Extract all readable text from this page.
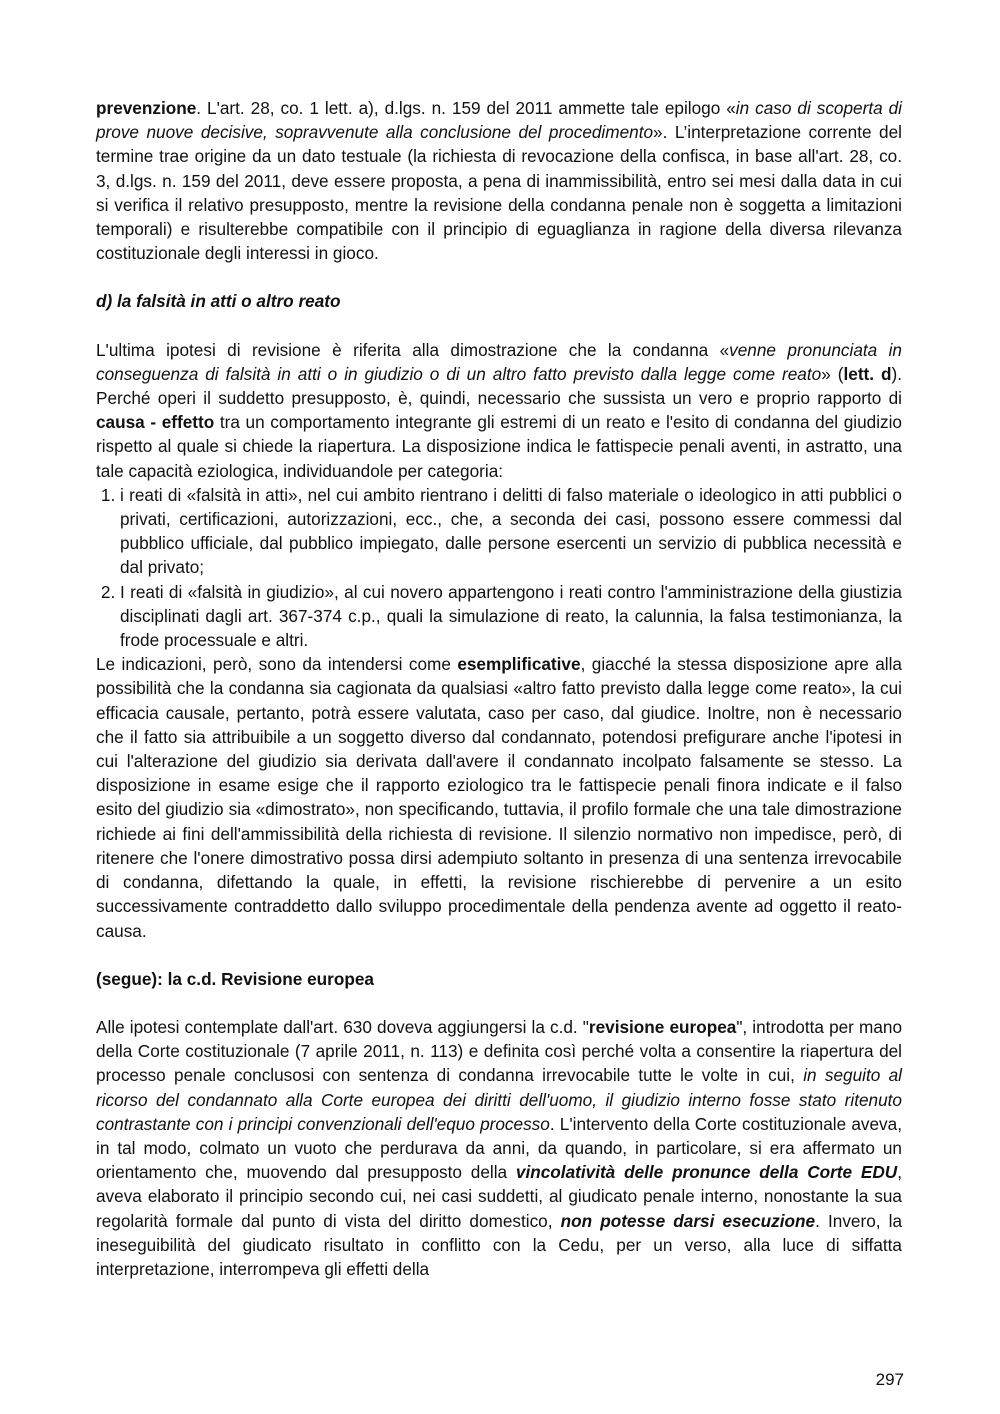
prevenzione. L'art. 28, co. 1 lett. a), d.lgs. n. 159 del 2011 ammette tale epilogo «in caso di scoperta di prove nuove decisive, sopravvenute alla conclusione del procedimento». L’interpretazione corrente del termine trae origine da un dato testuale (la richiesta di revocazione della confisca, in base all'art. 28, co. 3, d.lgs. n. 159 del 2011, deve essere proposta, a pena di inammissibilità, entro sei mesi dalla data in cui si verifica il relativo presupposto, mentre la revisione della condanna penale non è soggetta a limitazioni temporali) e risulterebbe compatibile con il principio di eguaglianza in ragione della diversa rilevanza costituzionale degli interessi in gioco.

d) la falsità in atti o altro reato

L'ultima ipotesi di revisione è riferita alla dimostrazione che la condanna «venne pronunciata in conseguenza di falsità in atti o in giudizio o di un altro fatto previsto dalla legge come reato» (lett. d). Perché operi il suddetto presupposto, è, quindi, necessario che sussista un vero e proprio rapporto di causa - effetto tra un comportamento integrante gli estremi di un reato e l'esito di condanna del giudizio rispetto al quale si chiede la riapertura. La disposizione indica le fattispecie penali aventi, in astratto, una tale capacità eziologica, individuandole per categoria:

1. i reati di «falsità in atti», nel cui ambito rientrano i delitti di falso materiale o ideologico in atti pubblici o privati, certificazioni, autorizzazioni, ecc., che, a seconda dei casi, possono essere commessi dal pubblico ufficiale, dal pubblico impiegato, dalle persone esercenti un servizio di pubblica necessità e dal privato;
2. I reati di «falsità in giudizio», al cui novero appartengono i reati contro l'amministrazione della giustizia disciplinati dagli art. 367-374 c.p., quali la simulazione di reato, la calunnia, la falsa testimonianza, la frode processuale e altri.

Le indicazioni, però, sono da intendersi come esemplificative, giacché la stessa disposizione apre alla possibilità che la condanna sia cagionata da qualsiasi «altro fatto previsto dalla legge come reato», la cui efficacia causale, pertanto, potrà essere valutata, caso per caso, dal giudice. Inoltre, non è necessario che il fatto sia attribuibile a un soggetto diverso dal condannato, potendosi prefigurare anche l'ipotesi in cui l'alterazione del giudizio sia derivata dall'avere il condannato incolpato falsamente se stesso. La disposizione in esame esige che il rapporto eziologico tra le fattispecie penali finora indicate e il falso esito del giudizio sia «dimostrato», non specificando, tuttavia, il profilo formale che una tale dimostrazione richiede ai fini dell'ammissibilità della richiesta di revisione. Il silenzio normativo non impedisce, però, di ritenere che l'onere dimostrativo possa dirsi adempiuto soltanto in presenza di una sentenza irrevocabile di condanna, difettando la quale, in effetti, la revisione rischierebbe di pervenire a un esito successivamente contraddetto dallo sviluppo procedimentale della pendenza avente ad oggetto il reato-causa.

(segue): la c.d. Revisione europea

Alle ipotesi contemplate dall'art. 630 doveva aggiungersi la c.d. "revisione europea", introdotta per mano della Corte costituzionale (7 aprile 2011, n. 113) e definita così perché volta a consentire la riapertura del processo penale conclusosi con sentenza di condanna irrevocabile tutte le volte in cui, in seguito al ricorso del condannato alla Corte europea dei diritti dell'uomo, il giudizio interno fosse stato ritenuto contrastante con i principi convenzionali dell'equo processo. L'intervento della Corte costituzionale aveva, in tal modo, colmato un vuoto che perdurava da anni, da quando, in particolare, si era affermato un orientamento che, muovendo dal presupposto della vincolatività delle pronunce della Corte EDU, aveva elaborato il principio secondo cui, nei casi suddetti, al giudicato penale interno, nonostante la sua regolarità formale dal punto di vista del diritto domestico, non potesse darsi esecuzione. Invero, la ineseguibilità del giudicato risultato in conflitto con la Cedu, per un verso, alla luce di siffatta interpretazione, interrompeva gli effetti della

297
